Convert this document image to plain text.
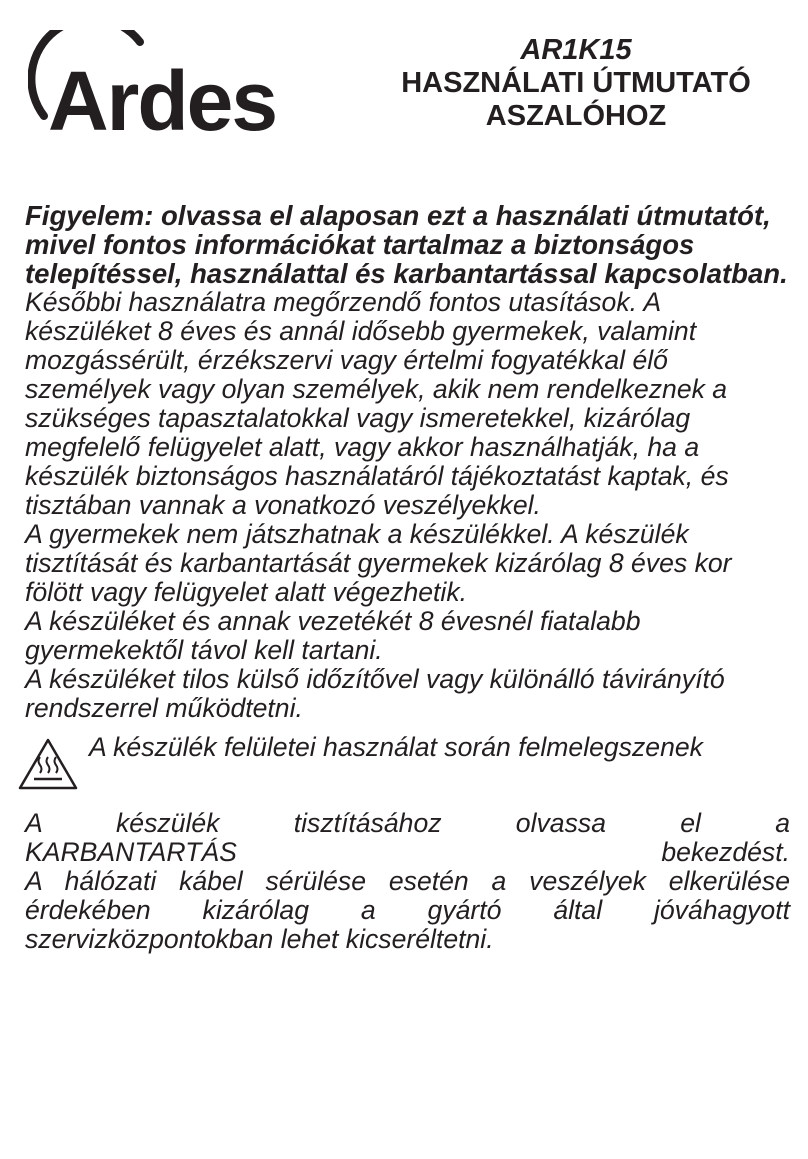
Ardes
AR1K15
HASZNÁLATI ÚTMUTATÓ
ASZALÓHOZ

Figyelem: olvassa el alaposan ezt a használati útmutatót, mivel fontos információkat tartalmaz a biztonságos telepítéssel, használattal és karbantartással kapcsolatban.

Későbbi használatra megőrzendő fontos utasítások. A készüléket 8 éves és annál idősebb gyermekek, valamint mozgássérült, érzékszervi vagy értelmi fogyatékkal élő személyek vagy olyan személyek, akik nem rendelkeznek a szükséges tapasztalatokkal vagy ismeretekkel, kizárólag megfelelő felügyelet alatt, vagy akkor használhatják, ha a készülék biztonságos használatáról tájékoztatást kaptak, és tisztában vannak a vonatkozó veszélyekkel.

A gyermekek nem játszhatnak a készülékkel. A készülék tisztítását és karbantartását gyermekek kizárólag 8 éves kor fölött vagy felügyelet alatt végezhetik.

A készüléket és annak vezetékét 8 évesnél fiatalabb gyermekektől távol kell tartani.

A készüléket tilos külső időzítővel vagy különálló távirányító rendszerrel működtetni.

A készülék felületei használat során felmelegszenek

A készülék tisztításához olvassa el a

KARBANTARTÁS	bekezdést.

A hálózati kábel sérülése esetén a veszélyek elkerülése érdekében kizárólag a gyártó által jóváhagyott szervizközpontokban lehet kicseréltetni.
